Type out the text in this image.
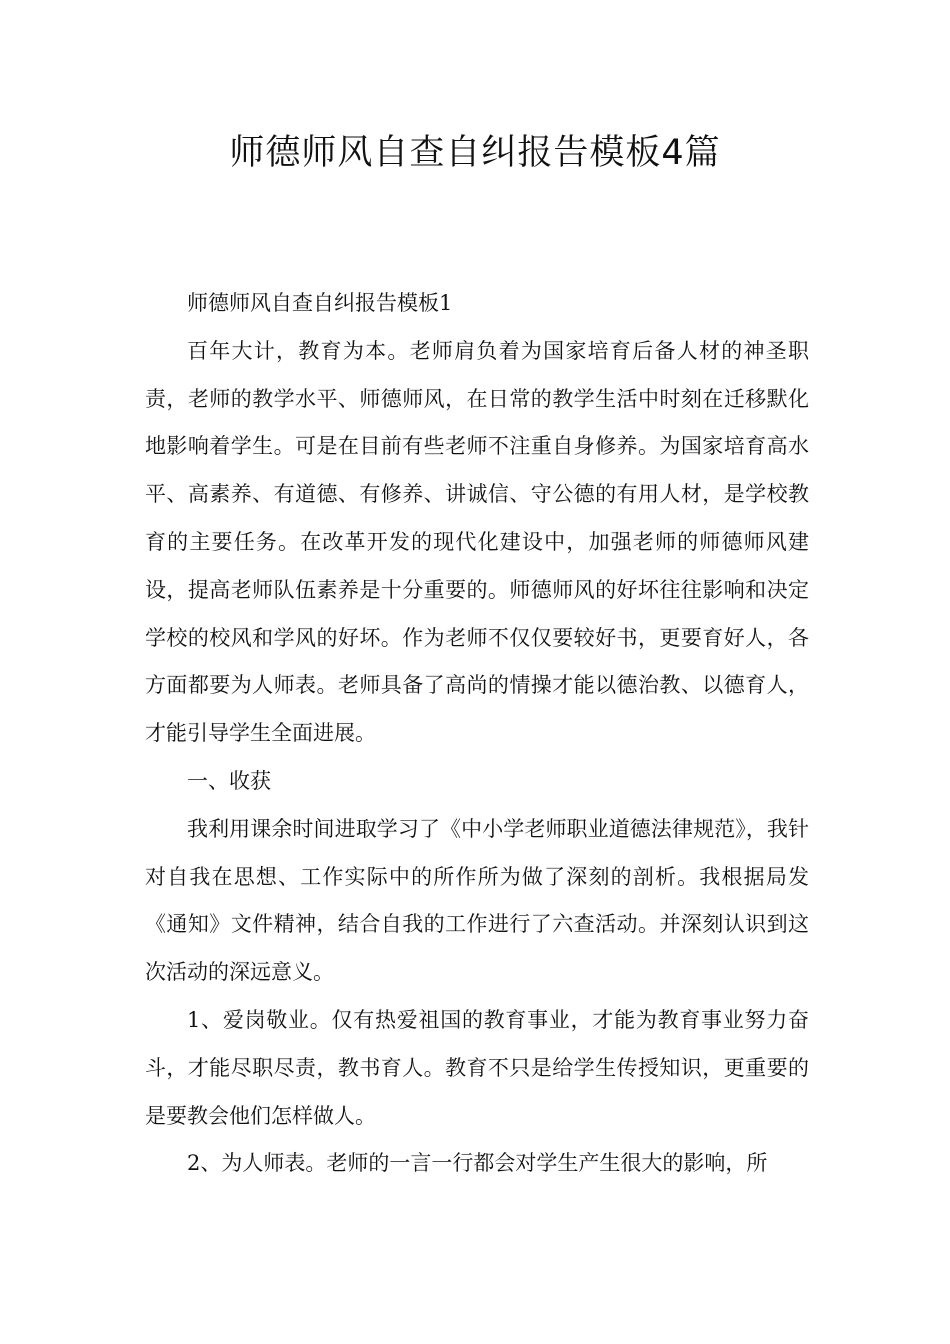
师德师风自查自纠报告模板4篇

师德师风自查自纠报告模板1

百年大计，教育为本。老师肩负着为国家培育后备人材的神圣职责，老师的教学水平、师德师风，在日常的教学生活中时刻在迁移默化地影响着学生。可是在目前有些老师不注重自身修养。为国家培育高水平、高素养、有道德、有修养、讲诚信、守公德的有用人材，是学校教育的主要任务。在改革开发的现代化建设中，加强老师的师德师风建设，提高老师队伍素养是十分重要的。师德师风的好坏往往影响和决定学校的校风和学风的好坏。作为老师不仅仅要较好书，更要育好人，各方面都要为人师表。老师具备了高尚的情操才能以德治教、以德育人，才能引导学生全面进展。

一、收获

我利用课余时间进取学习了《中小学老师职业道德法律规范》，我针对自我在思想、工作实际中的所作所为做了深刻的剖析。我根据局发《通知》文件精神，结合自我的工作进行了六查活动。并深刻认识到这次活动的深远意义。

1、爱岗敬业。仅有热爱祖国的教育事业，才能为教育事业努力奋斗，才能尽职尽责，教书育人。教育不只是给学生传授知识，更重要的是要教会他们怎样做人。

2、为人师表。老师的一言一行都会对学生产生很大的影响，所
